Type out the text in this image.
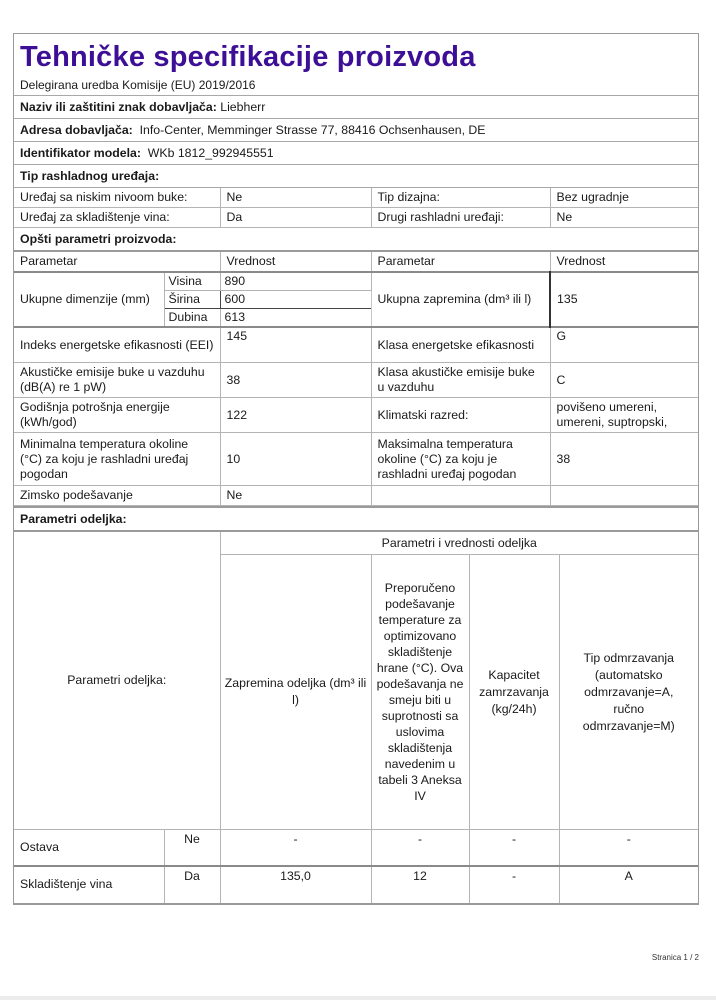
Tehničke specifikacije proizvoda
Delegirana uredba Komisije (EU) 2019/2016
Naziv ili zaštitini znak dobavljača:
Liebherr
Adresa dobavljača:
Info-Center, Memminger Strasse 77, 88416 Ochsenhausen, DE
Identifikator modela:
WKb 1812_992945551
Tip rashladnog uređaja:
Uređaj sa niskim nivoom buke:	Ne	Tip dizajna:	Bez ugradnje
Uređaj za skladištenje vina:	Da	Drugi rashladni uređaji:	Ne
Opšti parametri proizvoda:
Parametar		Vrednost	Parametar	Vrednost
Ukupne dimenzije (mm)	Visina	890	Ukupna zapremina (dm³ ili l)	135
	Širina	600		
	Dubina	613		
Indeks energetske efikasnosti (EEI)		145	Klasa energetske efikasnosti	G
Akustičke emisije buke u vazduhu (dB(A) re 1 pW)		38	Klasa akustičke emisije buke u vazduhu	C
Godišnja potrošnja energije (kWh/god)		122	Klimatski razred:	povišeno umereni, umereni, suptropski,
Minimalna temperatura okoline (°C) za koju je rashladni uređaj pogodan		10	Maksimalna temperatura okoline (°C) za koju je rashladni uređaj pogodan	38
Zimsko podešavanje		Ne		
Parametri odeljka:
Parametri odeljka:		Parametri i vrednosti odeljka			
		Zapremina odeljka (dm³ ili l)	Preporučeno podešavanje temperature za optimizovano skladištenje hrane (°C). Ova podešavanja ne smeju biti u suprotnosti sa uslovima skladištenja navedenim u tabeli 3 Aneksa IV	Kapacitet zamrzavanja (kg/24h)	Tip odmrzavanja (automatsko odmrzavanje=A, ručno odmrzavanje=M)
Ostava	Ne	-	-	-	-
Skladištenje vina	Da	135,0	12	-	A
Stranica 1 / 2
